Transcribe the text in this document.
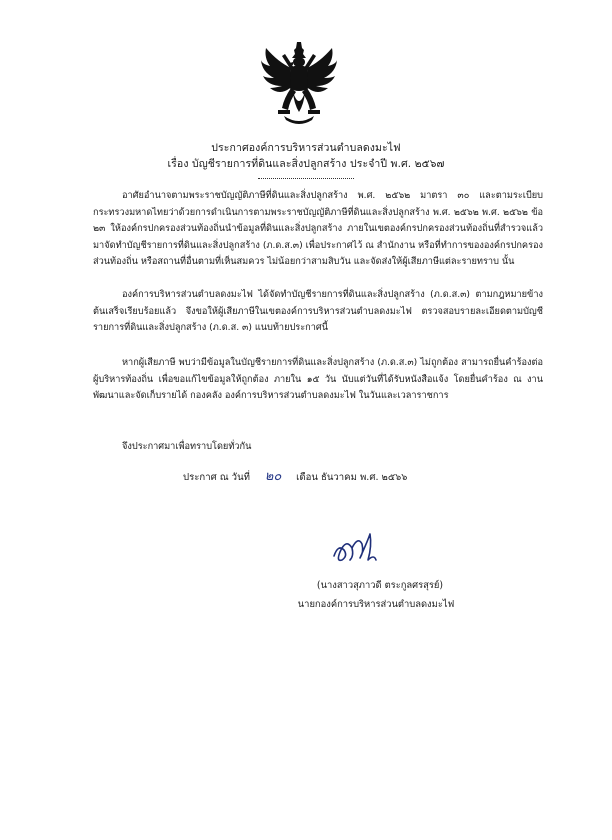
ประกาศองค์การบริหารส่วนตำบลดงมะไฟ
เรื่อง บัญชีรายการที่ดินและสิ่งปลูกสร้าง ประจำปี พ.ศ. ๒๕๖๗
อาศัยอำนาจตามพระราชบัญญัติภาษีที่ดินและสิ่งปลูกสร้าง พ.ศ. ๒๕๖๒ มาตรา ๓๐ และตามระเบียบกระทรวงมหาดไทยว่าด้วยการดำเนินการตามพระราชบัญญัติภาษีที่ดินและสิ่งปลูกสร้าง พ.ศ. ๒๕๖๒ พ.ศ. ๒๕๖๒ ข้อ ๒๓ ให้องค์กรปกครองส่วนท้องถิ่นนำข้อมูลที่ดินและสิ่งปลูกสร้าง ภายในเขตองค์กรปกครองส่วนท้องถิ่นที่สำรวจแล้ว มาจัดทำบัญชีรายการที่ดินและสิ่งปลูกสร้าง (ภ.ด.ส.๓) เพื่อประกาศไว้ ณ สำนักงาน หรือที่ทำการขององค์กรปกครองส่วนท้องถิ่น หรือสถานที่อื่นตามที่เห็นสมควร ไม่น้อยกว่าสามสิบวัน และจัดส่งให้ผู้เสียภาษีแต่ละรายทราบ นั้น
องค์การบริหารส่วนตำบลดงมะไฟ ได้จัดทำบัญชีรายการที่ดินและสิ่งปลูกสร้าง (ภ.ด.ส.๓) ตามกฎหมายข้างต้นเสร็จเรียบร้อยแล้ว จึงขอให้ผู้เสียภาษีในเขตองค์การบริหารส่วนตำบลดงมะไฟ ตรวจสอบรายละเอียดตามบัญชีรายการที่ดินและสิ่งปลูกสร้าง (ภ.ด.ส. ๓) แนบท้ายประกาศนี้
หากผู้เสียภาษี พบว่ามีข้อมูลในบัญชีรายการที่ดินและสิ่งปลูกสร้าง (ภ.ด.ส.๓) ไม่ถูกต้อง สามารถยื่นคำร้องต่อผู้บริหารท้องถิ่น เพื่อขอแก้ไขข้อมูลให้ถูกต้อง ภายใน ๑๕ วัน นับแต่วันที่ได้รับหนังสือแจ้ง โดยยื่นคำร้อง ณ งานพัฒนาและจัดเก็บรายได้ กองคลัง องค์การบริหารส่วนตำบลดงมะไฟ ในวันและเวลาราชการ
จึงประกาศมาเพื่อทราบโดยทั่วกัน
ประกาศ ณ วันที่ ๒๐ เดือน ธันวาคม พ.ศ. ๒๕๖๖
(นางสาวสุภาวดี ตระกูลศรสุรย์)
นายกองค์การบริหารส่วนตำบลดงมะไฟ
